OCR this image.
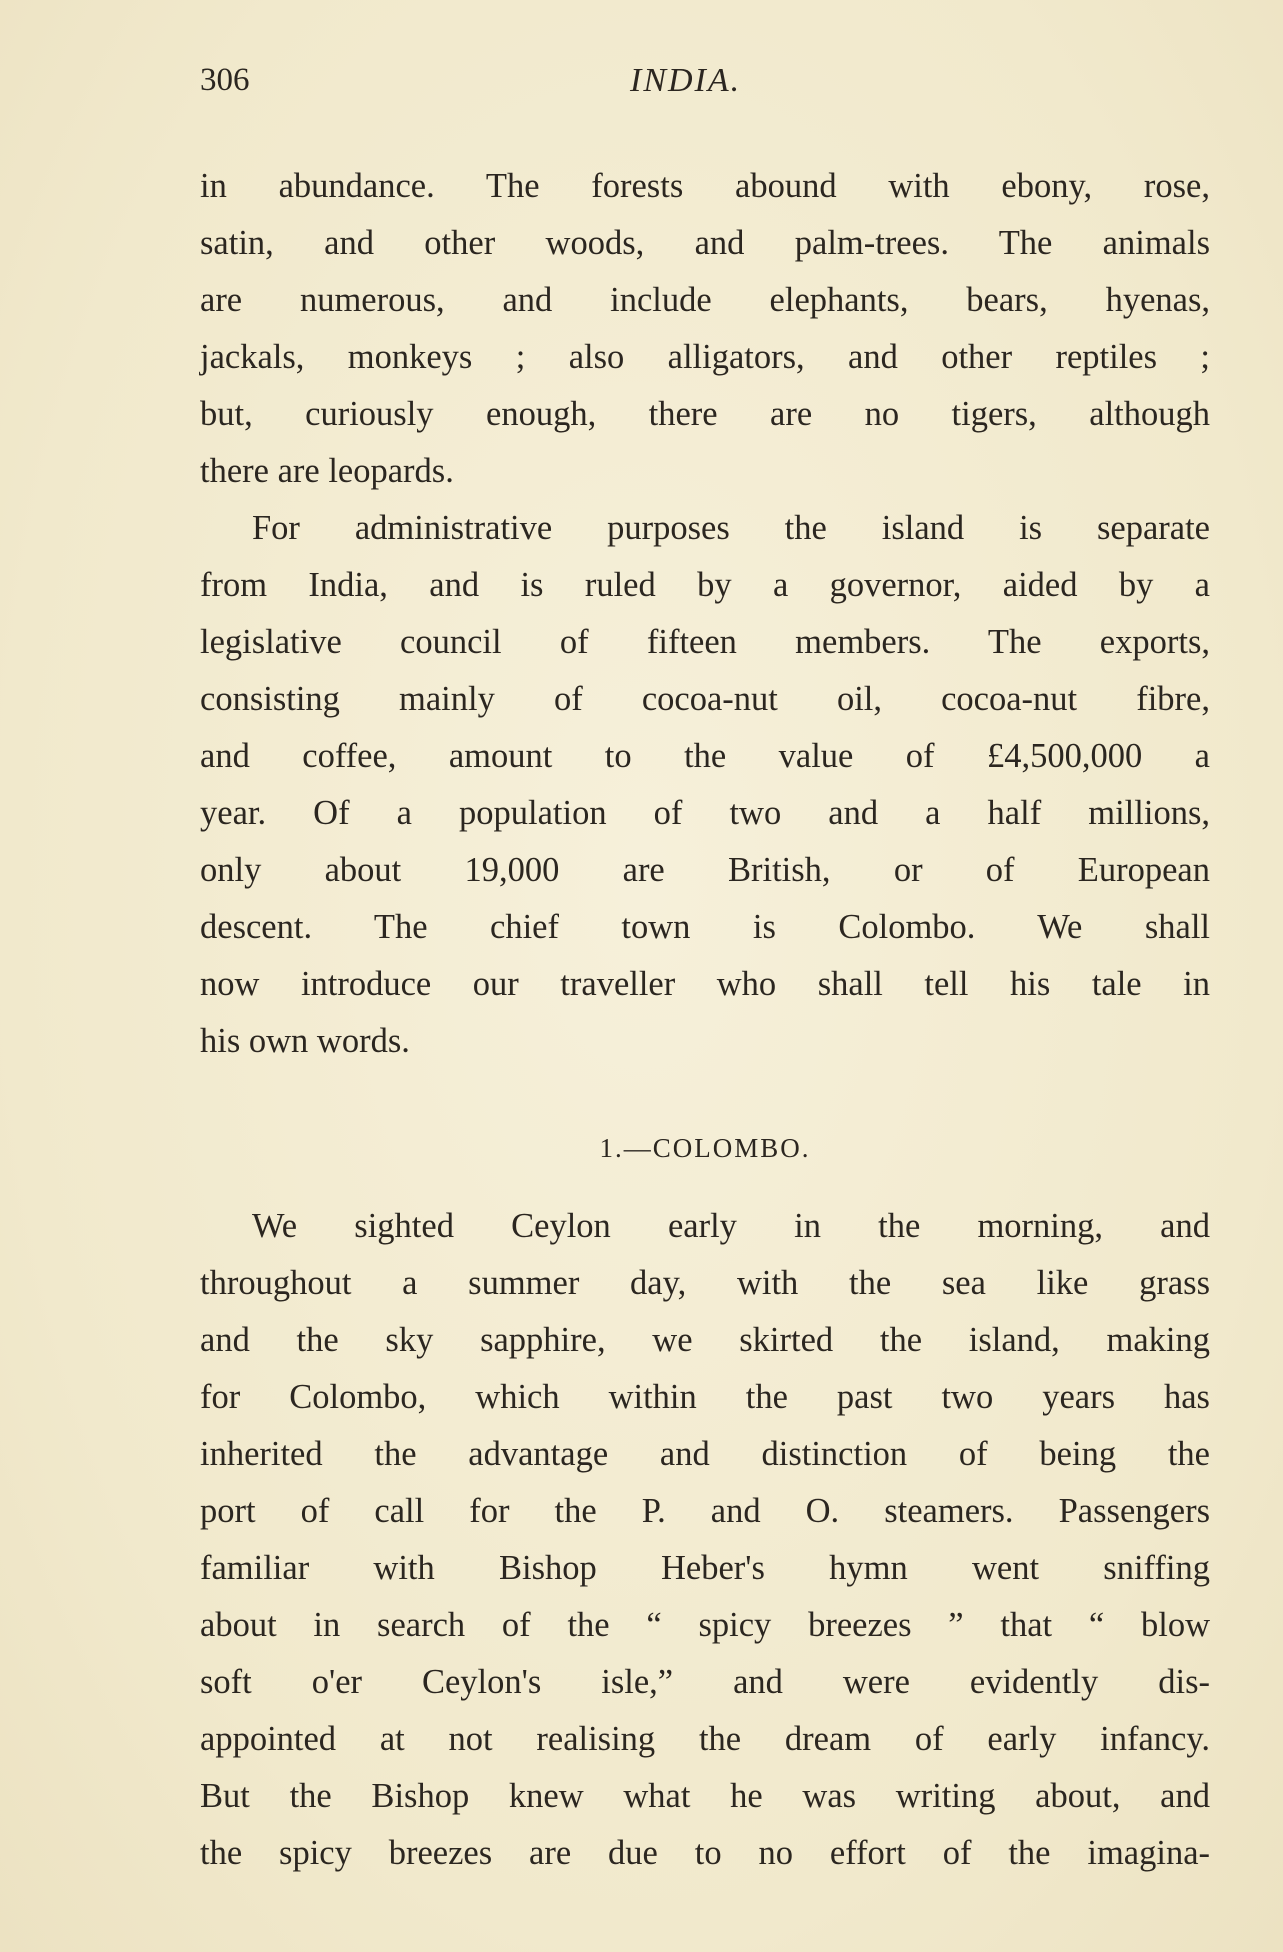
306	INDIA.
in abundance. The forests abound with ebony, rose,
satin, and other woods, and palm-trees. The animals
are numerous, and include elephants, bears, hyenas,
jackals, monkeys ; also alligators, and other reptiles ;
but, curiously enough, there are no tigers, although
there are leopards.
For administrative purposes the island is separate
from India, and is ruled by a governor, aided by a
legislative council of fifteen members. The exports,
consisting mainly of cocoa-nut oil, cocoa-nut fibre,
and coffee, amount to the value of £4,500,000 a
year. Of a population of two and a half millions,
only about 19,000 are British, or of European
descent. The chief town is Colombo. We shall
now introduce our traveller who shall tell his tale in
his own words.
1.—COLOMBO.
We sighted Ceylon early in the morning, and
throughout a summer day, with the sea like grass
and the sky sapphire, we skirted the island, making
for Colombo, which within the past two years has
inherited the advantage and distinction of being the
port of call for the P. and O. steamers. Passengers
familiar with Bishop Heber's hymn went sniffing
about in search of the “ spicy breezes ” that “ blow
soft o'er Ceylon's isle,” and were evidently dis-
appointed at not realising the dream of early infancy.
But the Bishop knew what he was writing about, and
the spicy breezes are due to no effort of the imagina-
